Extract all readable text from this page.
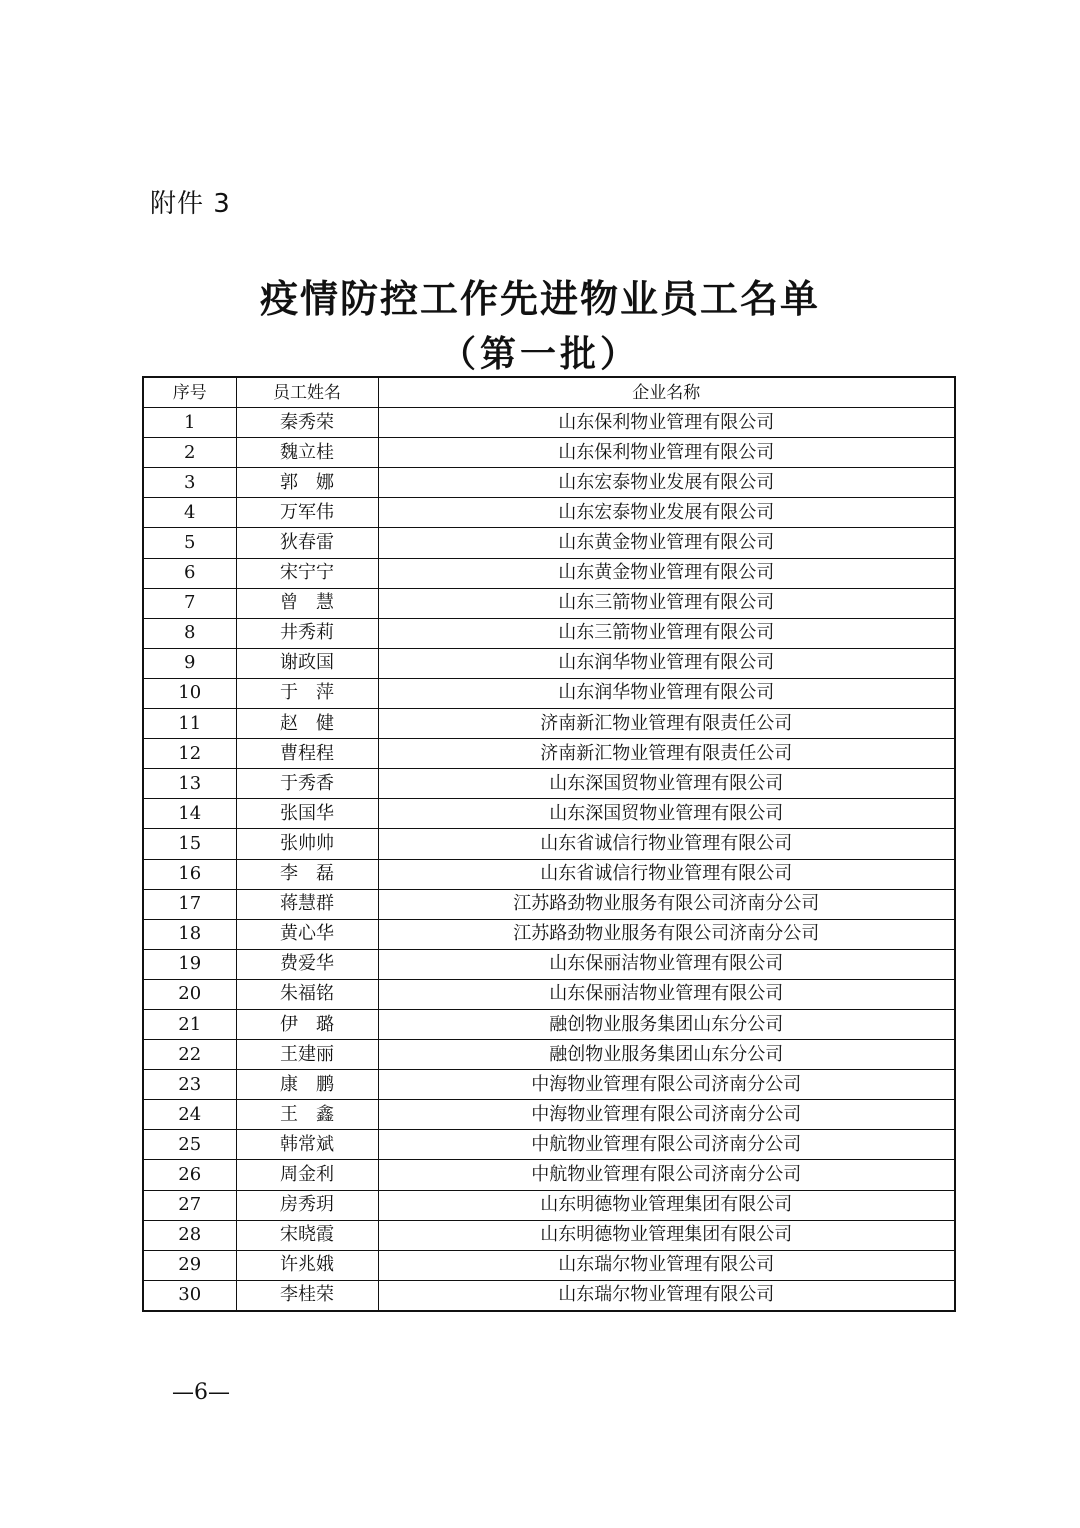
附件 3
疫情防控工作先进物业员工名单
（第一批）
序号	员工姓名	企业名称
1	秦秀荣	山东保利物业管理有限公司
2	魏立桂	山东保利物业管理有限公司
3	郭　娜	山东宏泰物业发展有限公司
4	万军伟	山东宏泰物业发展有限公司
5	狄春雷	山东黄金物业管理有限公司
6	宋宁宁	山东黄金物业管理有限公司
7	曾　慧	山东三箭物业管理有限公司
8	井秀莉	山东三箭物业管理有限公司
9	谢政国	山东润华物业管理有限公司
10	于　萍	山东润华物业管理有限公司
11	赵　健	济南新汇物业管理有限责任公司
12	曹程程	济南新汇物业管理有限责任公司
13	于秀香	山东深国贸物业管理有限公司
14	张国华	山东深国贸物业管理有限公司
15	张帅帅	山东省诚信行物业管理有限公司
16	李　磊	山东省诚信行物业管理有限公司
17	蒋慧群	江苏路劲物业服务有限公司济南分公司
18	黄心华	江苏路劲物业服务有限公司济南分公司
19	费爱华	山东保丽洁物业管理有限公司
20	朱福铭	山东保丽洁物业管理有限公司
21	伊　璐	融创物业服务集团山东分公司
22	王建丽	融创物业服务集团山东分公司
23	康　鹏	中海物业管理有限公司济南分公司
24	王　鑫	中海物业管理有限公司济南分公司
25	韩常斌	中航物业管理有限公司济南分公司
26	周金利	中航物业管理有限公司济南分公司
27	房秀玥	山东明德物业管理集团有限公司
28	宋晓霞	山东明德物业管理集团有限公司
29	许兆娥	山东瑞尔物业管理有限公司
30	李桂荣	山东瑞尔物业管理有限公司
—6—
